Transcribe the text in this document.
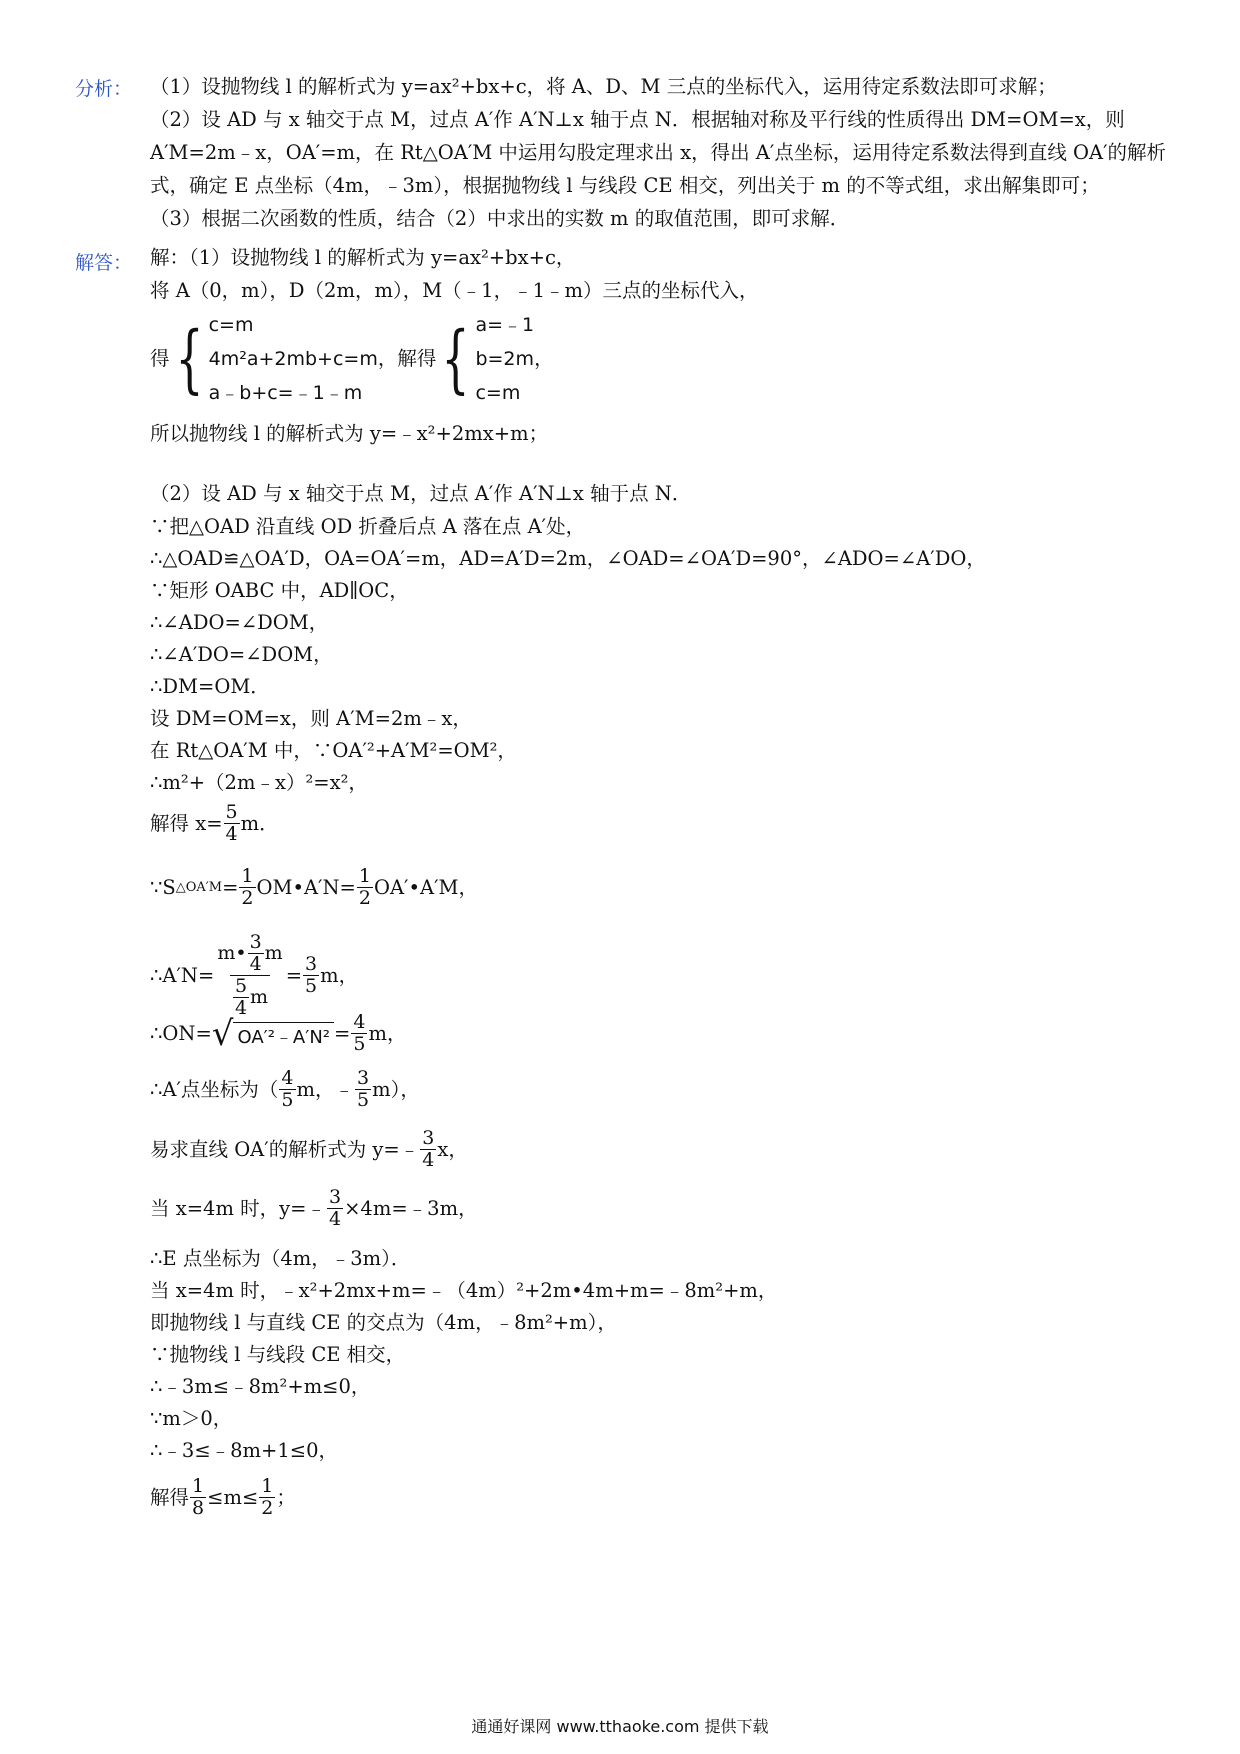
分析： （1）设抛物线 l 的解析式为 y=ax²+bx+c，将 A、D、M 三点的坐标代入，运用待定系数法即可求解；
（2）设 AD 与 x 轴交于点 M，过点 A′作 A′N⊥x 轴于点 N．根据轴对称及平行线的性质得出 DM=OM=x，则 A′M=2m﹣x，OA′=m，在 Rt△OA′M 中运用勾股定理求出 x，得出 A′点坐标，运用待定系数法得到直线 OA′的解析式，确定 E 点坐标（4m，﹣3m），根据抛物线 l 与线段 CE 相交，列出关于 m 的不等式组，求出解集即可；
（3）根据二次函数的性质，结合（2）中求出的实数 m 的取值范围，即可求解．
解答： 解：（1）设抛物线 l 的解析式为 y=ax²+bx+c，
将 A（0，m），D（2m，m），M（﹣1，﹣1﹣m）三点的坐标代入，
得 { c=m
4m²a+2mb+c=m
a﹣b+c=﹣1﹣m
，解得 { a=﹣1
b=2m
c=m
，
所以抛物线 l 的解析式为 y=﹣x²+2mx+m；
（2）设 AD 与 x 轴交于点 M，过点 A′作 A′N⊥x 轴于点 N．
∵把△OAD 沿直线 OD 折叠后点 A 落在点 A′处，
∴△OAD≌△OA′D，OA=OA′=m，AD=A′D=2m，∠OAD=∠OA′D=90°，∠ADO=∠A′DO，
∵矩形 OABC 中，AD∥OC，
∴∠ADO=∠DOM，
∴∠A′DO=∠DOM，
∴DM=OM．
设 DM=OM=x，则 A′M=2m﹣x，
在 Rt△OA′M 中，∵OA′²+A′M²=OM²，
∴m²+（2m﹣x）²=x²，
解得 $x= \frac{5}{4}$ m．
∵S △OA′M = $\frac{1}{2}$ OM•A′N= $\frac{1}{2}$ OA′•A′M，
∴A′N= $\frac{m• \frac{3}{4} m}{\frac{5}{4} m} = \frac{3}{5}$ m，
∴ON= √ OA′²﹣A′N² = $\frac{4}{5}$ m，
∴A′点坐标为（ $\frac{4}{5}$ m，﹣ $\frac{3}{5} m$），
易求直线 OA′的解析式为 y=﹣ $\frac{3}{4}$ x，
当 x=4m 时，y=﹣ $\frac{3}{4}$ ×4m=﹣3m，
∴E 点坐标为（4m，﹣3m）．
当 x=4m 时，﹣x²+2mx+m=﹣（4m）²+2m•4m+m=﹣8m²+m，
即抛物线 l 与直线 CE 的交点为（4m，﹣8m²+m），
∵抛物线 l 与线段 CE 相交，
∴﹣3m≤﹣8m²+m≤0，
∵m＞0，
∴﹣3≤﹣8m+1≤0，
解得 $\frac{1}{8} \le m\le \frac{1}{2}$ ；
通通好课网 www.tthaoke.com 提供下载
